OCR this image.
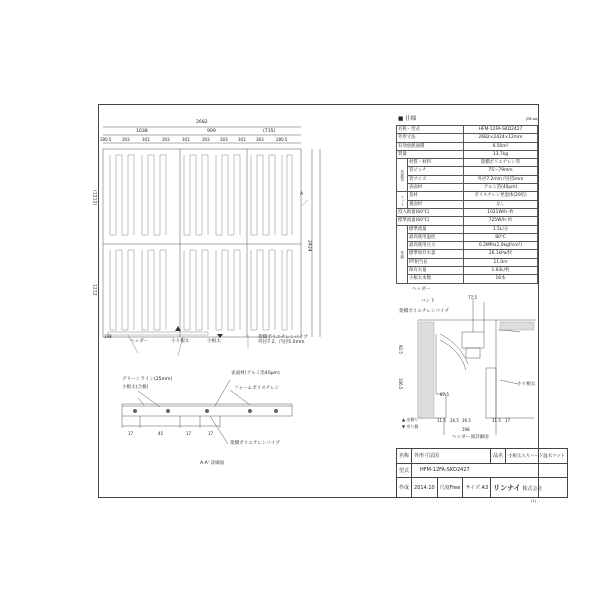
2682
1038	909	(735)
280.5	303	303	303	303	303	303	303	303	280.5
2424
(1212)
1212
A
198
ヘッダー	小々根太	小根太
架橋ポリエチレンパイプ
外径7.2、内径5.0mm
グリーンライン(25mm)
小根太(合板)
表面材(アルミ箔40μm)
フォームポリスチレン
架橋ポリエチレンパイプ
17	45	17	17
A-A' 詳細図
■ 仕様	(RE-aa)
名称・型式		HFM-12FA-SKD2427
外形寸法		2682×2424×12mm
有効放熱面積		6.50m²
質量		13.7kg
放熱管	材質・材料	架橋ポリエチレン管
	管ピッチ	75〜79mm
	管サイズ	外径7.2mm 内径5mm
	表面材	アルミ箔(40μm)
マット	基材	ポリスチレン発泡体(20倍)
	裏面材	なし
投入熱量(60℃)		1021W/h･枚
標準流量(60℃)		725W/h･枚
性能	標準流量	1.5L/分
	最高使用温度	80℃
	最高使用圧力	0.2MPa(2.0kgf/cm²)
	標準保有水量	26.1kPa/枚
	PT相当長	11.0m
	保有水量	1.93L/枚
	小根太本数	16本
ヘッダー
バンド
架橋ポリエチレンパイプ
小々根太
77.5
92.5
106.5
87.5
11.5 26.5 26.5	11.5 17
198
▲ 出側り
▼ 戻り側
ヘッダー部詳細図
名称	外形寸法図			品名	小根太入りハード温水マット
型式	HFM-12FA-SKD2427				
作成	2014.10	尺度Free	サイズ A3	リンナイ 株式会社	
(1)
